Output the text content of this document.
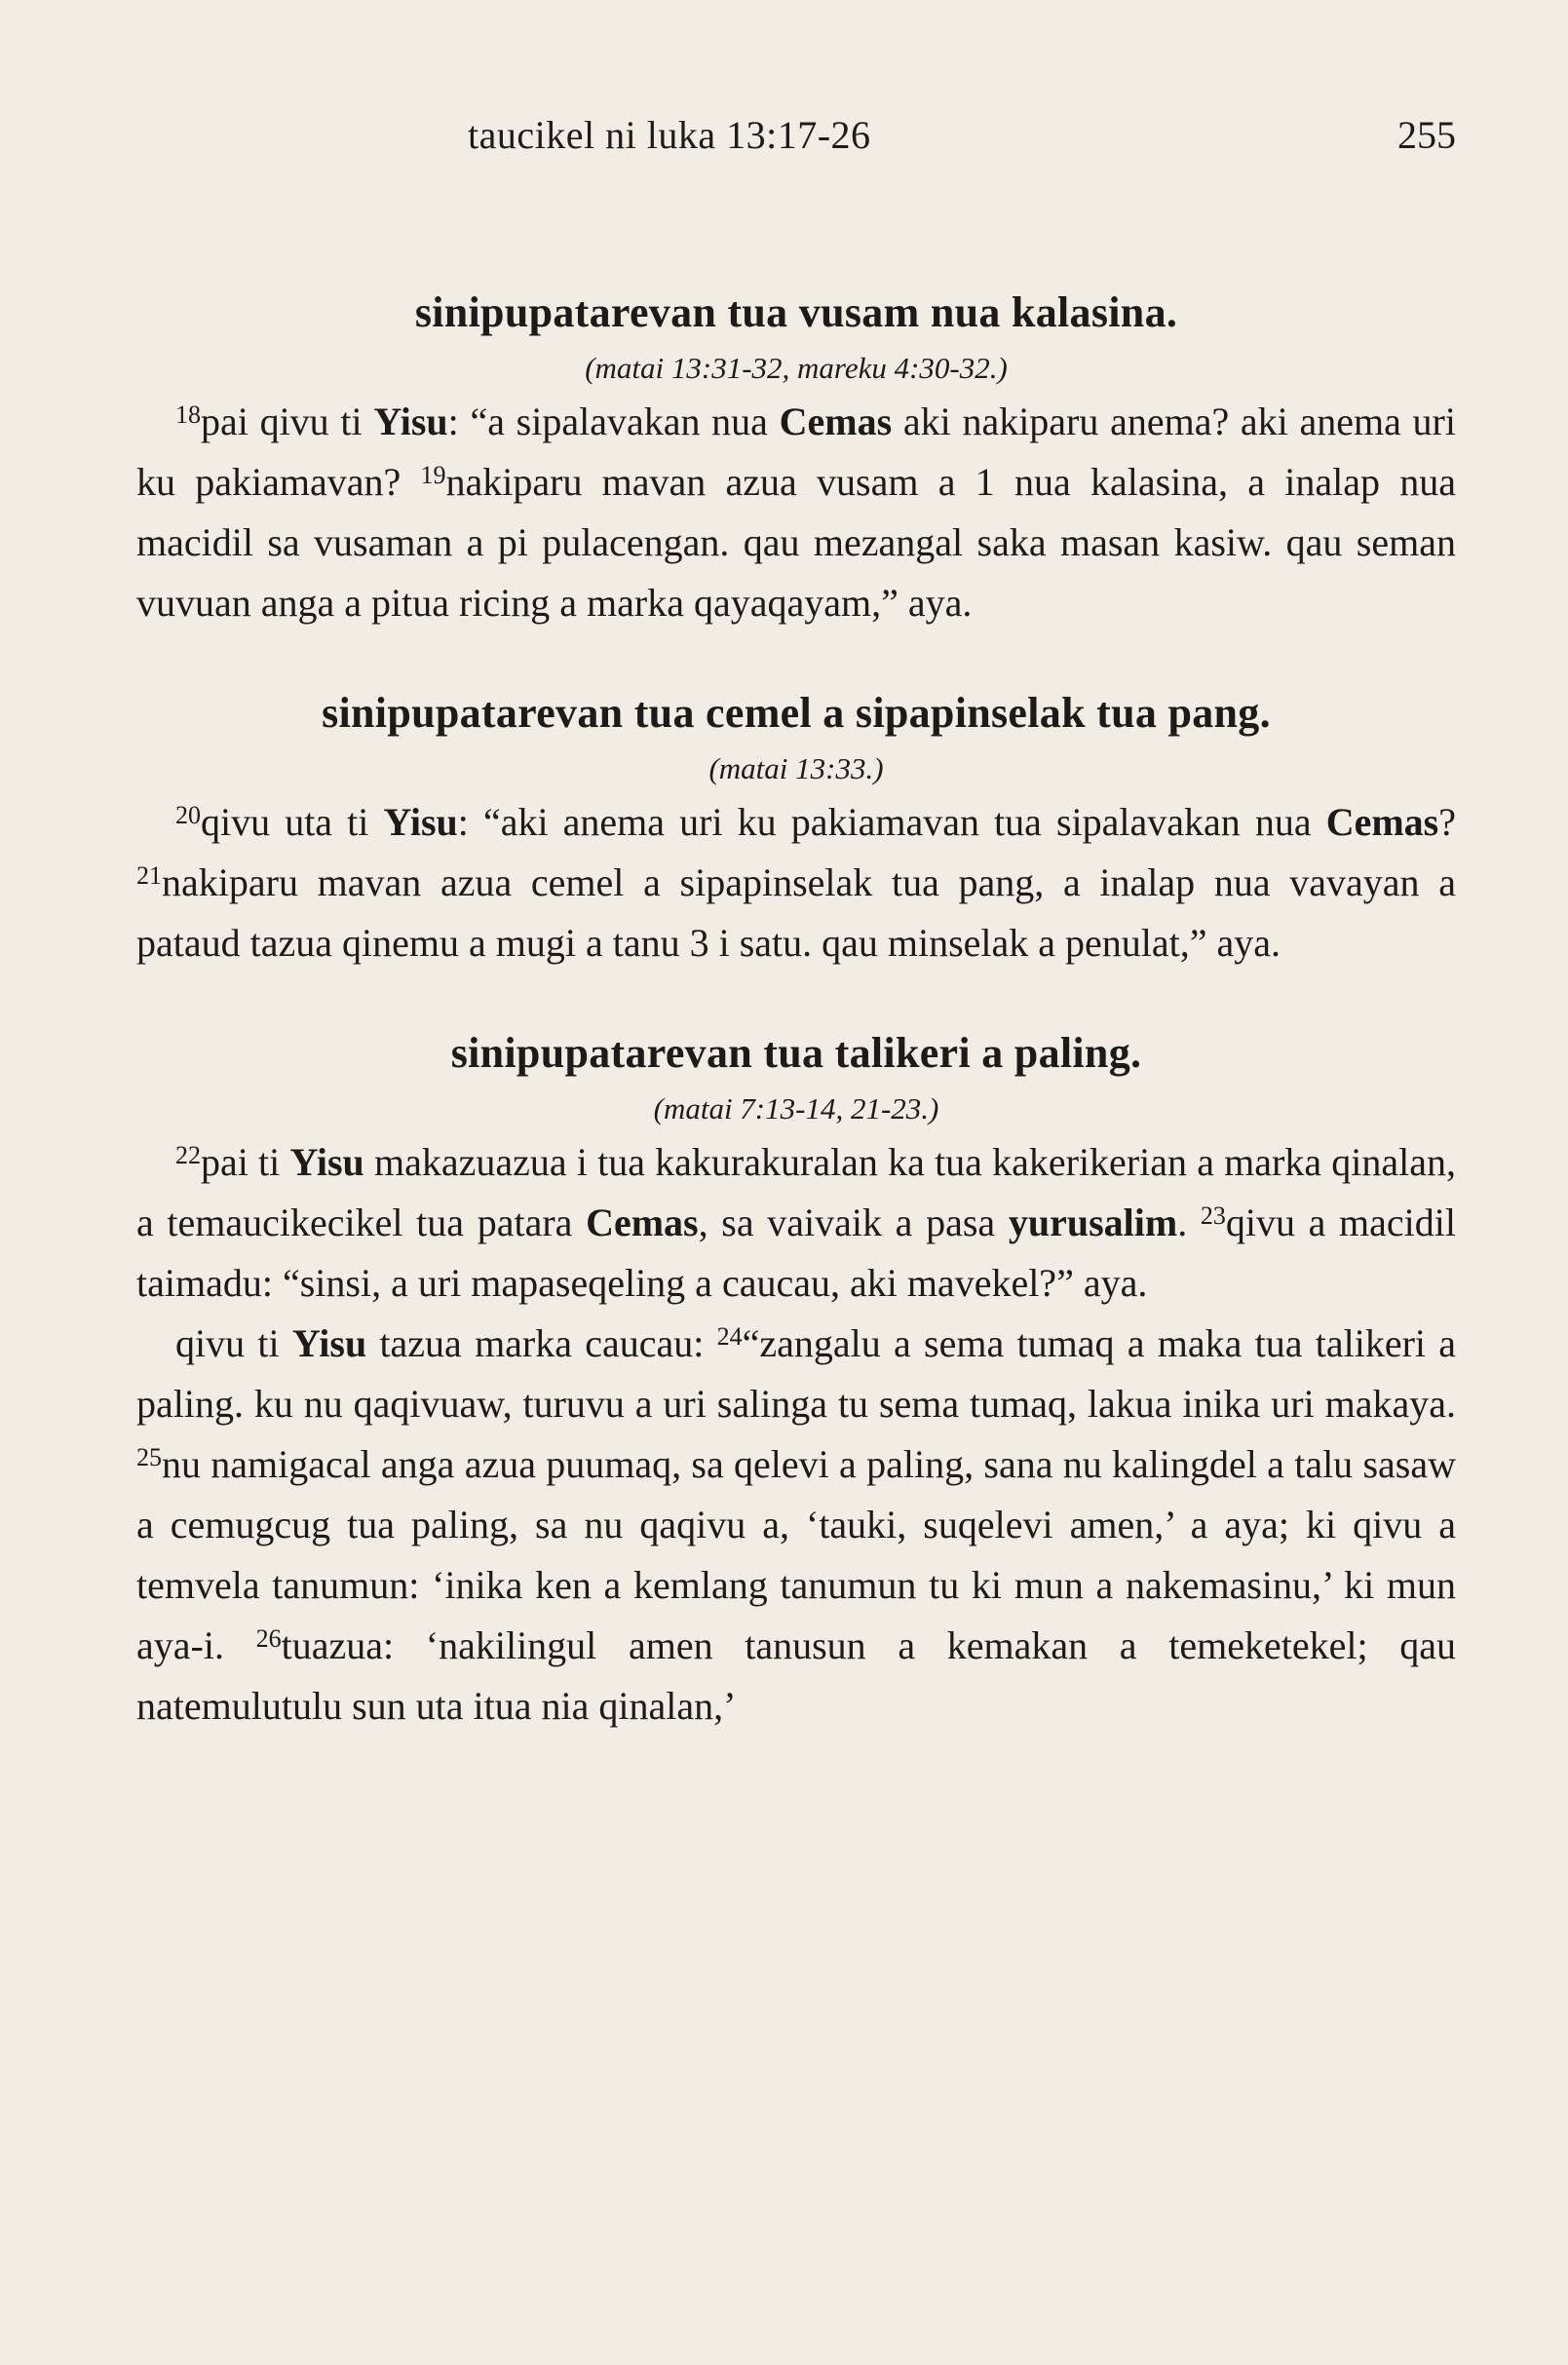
taucikel ni luka 13:17-26	255
sinipupatarevan tua vusam nua kalasina.
(matai 13:31-32, mareku 4:30-32.)

$^{18}$pai qivu ti Yisu: “a sipalavakan nua Cemas aki nakiparu anema? aki anema uri ku pakiamavan? $^{19}$nakiparu mavan azua vusam a 1 nua kalasina, a inalap nua macidil sa vusaman a pi pulacengan. qau mezangal saka masan kasiw. qau seman vuvuan anga a pitua ricing a marka qayaqayam,” aya.

sinipupatarevan tua cemel a sipapinselak tua pang.
(matai 13:33.)

$^{20}$qivu uta ti Yisu: “aki anema uri ku pakiamavan tua sipalavakan nua Cemas? $^{21}$nakiparu mavan azua cemel a sipapinselak tua pang, a inalap nua vavayan a pataud tazua qinemu a mugi a tanu 3 i satu. qau minselak a penulat,” aya.

sinipupatarevan tua talikeri a paling.
(matai 7:13-14, 21-23.)

$^{22}$pai ti Yisu makazuazua i tua kakurakuralan ka tua kakerikerian a marka qinalan, a temaucikecikel tua patara Cemas, sa vaivaik a pasa yurusalim. $^{23}$qivu a macidil taimadu: “sinsi, a uri mapaseqeling a caucau, aki mavekel?” aya.

qivu ti Yisu tazua marka caucau: $^{24}$“zangalu a sema tumaq a maka tua talikeri a paling. ku nu qaqivuaw, turuvu a uri salinga tu sema tumaq, lakua inika uri makaya. $^{25}$nu namigacal anga azua puumaq, sa qelevi a paling, sana nu kalingdel a talu sasaw a cemugcug tua paling, sa nu qaqivu a, ‘tauki, suqelevi amen,’ a aya; ki qivu a temvela tanumun: ‘inika ken a kemlang tanumun tu ki mun a nakemasinu,’ ki mun aya-i. $^{26}$tuazua: ‘nakilingul amen tanusun a kemakan a temeketekel; qau natemulutulu sun uta itua nia qinalan,’
